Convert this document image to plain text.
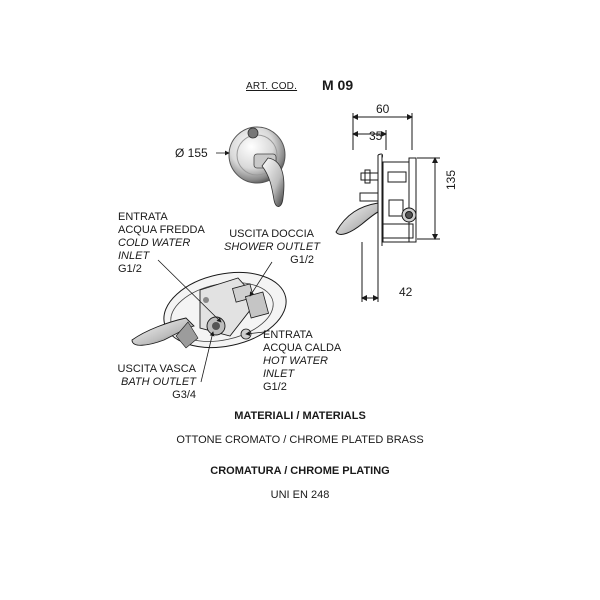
ART. COD. M 09
Ø 155
60
35
135
42
ENTRATA
ACQUA FREDDA
COLD WATER
INLET
G1/2
USCITA DOCCIA
SHOWER OUTLET
G1/2
ENTRATA
ACQUA CALDA
HOT WATER
INLET
G1/2
USCITA VASCA
BATH OUTLET
G3/4
MATERIALI / MATERIALS
OTTONE CROMATO / CHROME PLATED BRASS
CROMATURA / CHROME PLATING
UNI EN 248
